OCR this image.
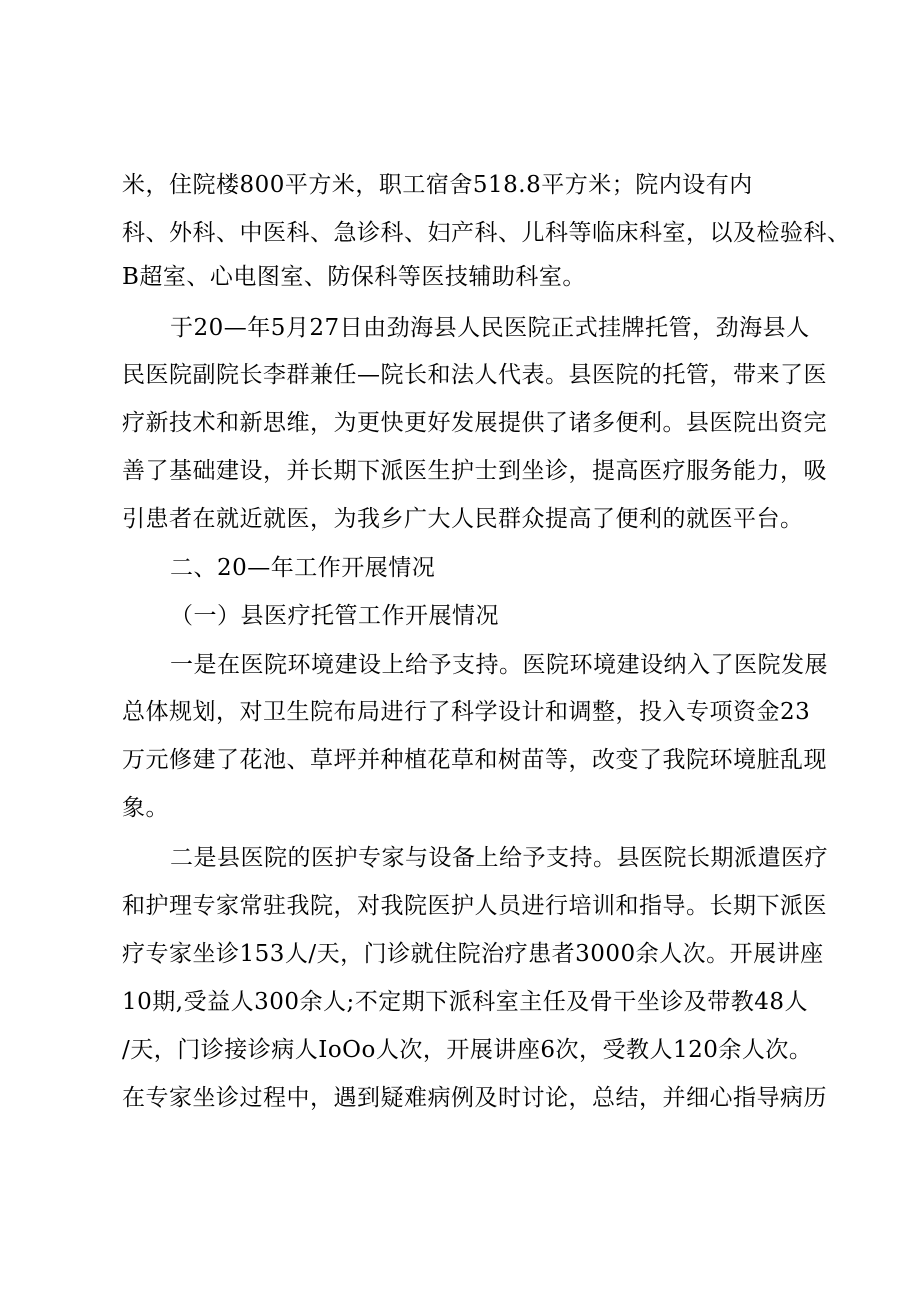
米，住院楼800平方米，职工宿舍518.8平方米；院内设有内
科、外科、中医科、急诊科、妇产科、儿科等临床科室，以及检验科、
B超室、心电图室、防保科等医技辅助科室。
于20—年5月27日由劲海县人民医院正式挂牌托管，劲海县人
民医院副院长李群兼任—院长和法人代表。县医院的托管，带来了医
疗新技术和新思维，为更快更好发展提供了诸多便利。县医院出资完
善了基础建设，并长期下派医生护士到坐诊，提高医疗服务能力，吸
引患者在就近就医，为我乡广大人民群众提高了便利的就医平台。
二、20—年工作开展情况
（一）县医疗托管工作开展情况
一是在医院环境建设上给予支持。医院环境建设纳入了医院发展
总体规划，对卫生院布局进行了科学设计和调整，投入专项资金23
万元修建了花池、草坪并种植花草和树苗等，改变了我院环境脏乱现
象。
二是县医院的医护专家与设备上给予支持。县医院长期派遣医疗
和护理专家常驻我院，对我院医护人员进行培训和指导。长期下派医
疗专家坐诊153人/天，门诊就住院治疗患者3000余人次。开展讲座
10期,受益人300余人;不定期下派科室主任及骨干坐诊及带教48人
/天，门诊接诊病人IoOo人次，开展讲座6次，受教人120余人次。
在专家坐诊过程中，遇到疑难病例及时讨论，总结，并细心指导病历
